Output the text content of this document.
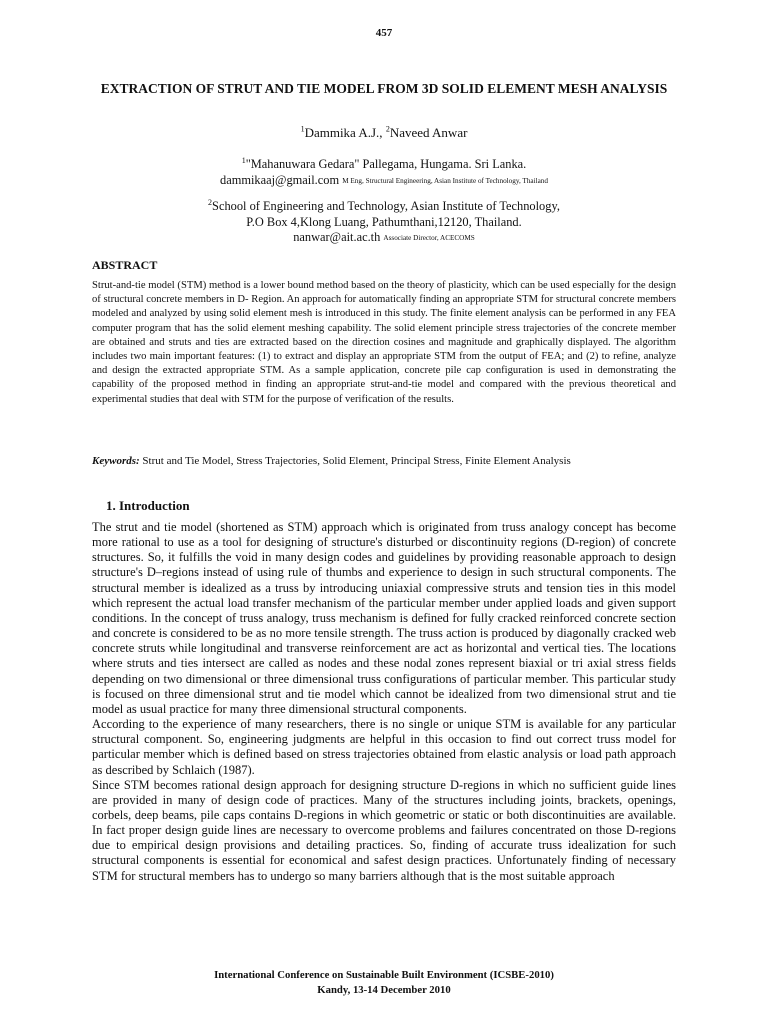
457
EXTRACTION OF STRUT AND TIE MODEL FROM 3D SOLID ELEMENT MESH ANALYSIS
$^1$Dammika A.J., $^2$Naveed Anwar
$^1$"Mahanuwara Gedara" Pallegama, Hungama. Sri Lanka.
dammikaaj@gmail.com $^{M Eng, Structural Engineering, Asian Institute of Technology, Thailand}$
$^2$School of Engineering and Technology, Asian Institute of Technology,
P.O Box 4,Klong Luang, Pathumthani,12120, Thailand.
nanwar@ait.ac.th $^{Associate Director, ACECOMS}$
ABSTRACT
Strut-and-tie model (STM) method is a lower bound method based on the theory of plasticity, which can be used especially for the design of structural concrete members in D- Region. An approach for automatically finding an appropriate STM for structural concrete members modeled and analyzed by using solid element mesh is introduced in this study. The finite element analysis can be performed in any FEA computer program that has the solid element meshing capability. The solid element principle stress trajectories of the concrete member are obtained and struts and ties are extracted based on the direction cosines and magnitude and graphically displayed. The algorithm includes two main important features: (1) to extract and display an appropriate STM from the output of FEA; and (2) to refine, analyze and design the extracted appropriate STM. As a sample application, concrete pile cap configuration is used in demonstrating the capability of the proposed method in finding an appropriate strut-and-tie model and compared with the previous theoretical and experimental studies that deal with STM for the purpose of verification of the results.
Keywords: Strut and Tie Model, Stress Trajectories, Solid Element, Principal Stress, Finite Element Analysis
1. Introduction

The strut and tie model (shortened as STM) approach which is originated from truss analogy concept has become more rational to use as a tool for designing of structure's disturbed or discontinuity regions (D-region) of concrete structures. So, it fulfills the void in many design codes and guidelines by providing reasonable approach to design structure's D–regions instead of using rule of thumbs and experience to design in such structural components. The structural member is idealized as a truss by introducing uniaxial compressive struts and tension ties in this model which represent the actual load transfer mechanism of the particular member under applied loads and given support conditions. In the concept of truss analogy, truss mechanism is defined for fully cracked reinforced concrete section and concrete is considered to be as no more tensile strength. The truss action is produced by diagonally cracked web concrete struts while longitudinal and transverse reinforcement are act as horizontal and vertical ties. The locations where struts and ties intersect are called as nodes and these nodal zones represent biaxial or tri axial stress fields depending on two dimensional or three dimensional truss configurations of particular member. This particular study is focused on three dimensional strut and tie model which cannot be idealized from two dimensional strut and tie model as usual practice for many three dimensional structural components.

According to the experience of many researchers, there is no single or unique STM is available for any particular structural component. So, engineering judgments are helpful in this occasion to find out correct truss model for particular member which is defined based on stress trajectories obtained from elastic analysis or load path approach as described by Schlaich (1987).

Since STM becomes rational design approach for designing structure D-regions in which no sufficient guide lines are provided in many of design code of practices. Many of the structures including joints, brackets, openings, corbels, deep beams, pile caps contains D-regions in which geometric or static or both discontinuities are available. In fact proper design guide lines are necessary to overcome problems and failures concentrated on those D-regions due to empirical design provisions and detailing practices. So, finding of accurate truss idealization for such structural components is essential for economical and safest design practices. Unfortunately finding of necessary STM for structural members has to undergo so many barriers although that is the most suitable approach

International Conference on Sustainable Built Environment (ICSBE-2010)
Kandy, 13-14 December 2010
